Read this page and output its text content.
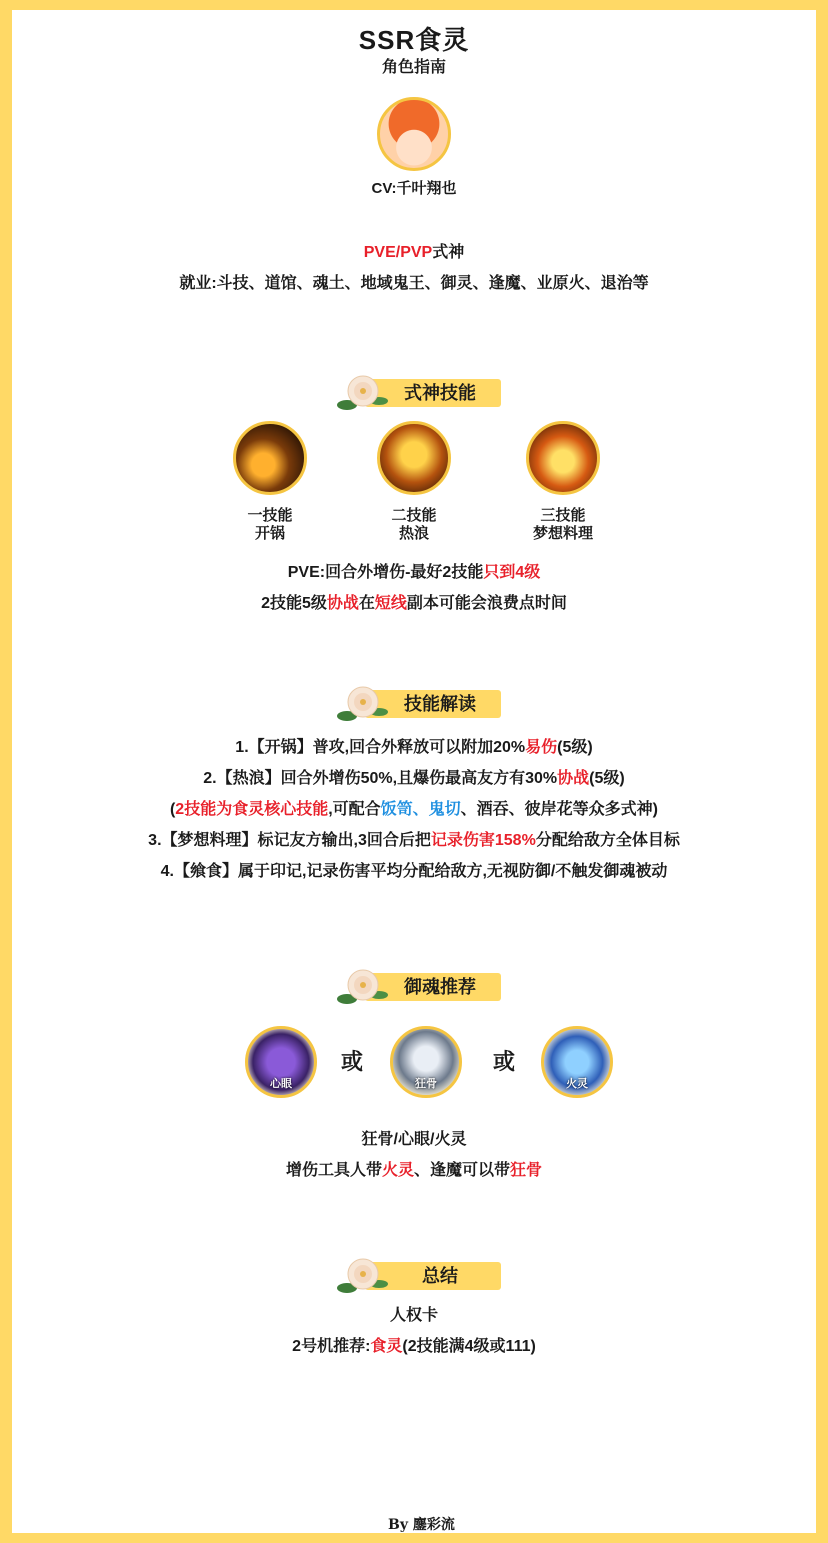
SSR食灵
角色指南
CV:千叶翔也
PVE/PVP式神
就业:斗技、道馆、魂土、地域鬼王、御灵、逢魔、业原火、退治等
式神技能
一技能
开锅
二技能
热浪
三技能
梦想料理
PVE:回合外增伤-最好2技能只到4级
2技能5级协战在短线副本可能会浪费点时间
技能解读
1.【开锅】普攻,回合外释放可以附加20%易伤(5级)
2.【热浪】回合外增伤50%,且爆伤最高友方有30%协战(5级)
(2技能为食灵核心技能,可配合饭笥、鬼切、酒吞、彼岸花等众多式神)
3.【梦想料理】标记友方输出,3回合后把记录伤害158%分配给敌方全体目标
4.【飨食】属于印记,记录伤害平均分配给敌方,无视防御/不触发御魂被动
御魂推荐
心眼
或
狂骨
或
火灵
狂骨/心眼/火灵
增伤工具人带火灵、逢魔可以带狂骨
总结
人权卡
2号机推荐:食灵(2技能满4级或111)
By 鏖彩流
